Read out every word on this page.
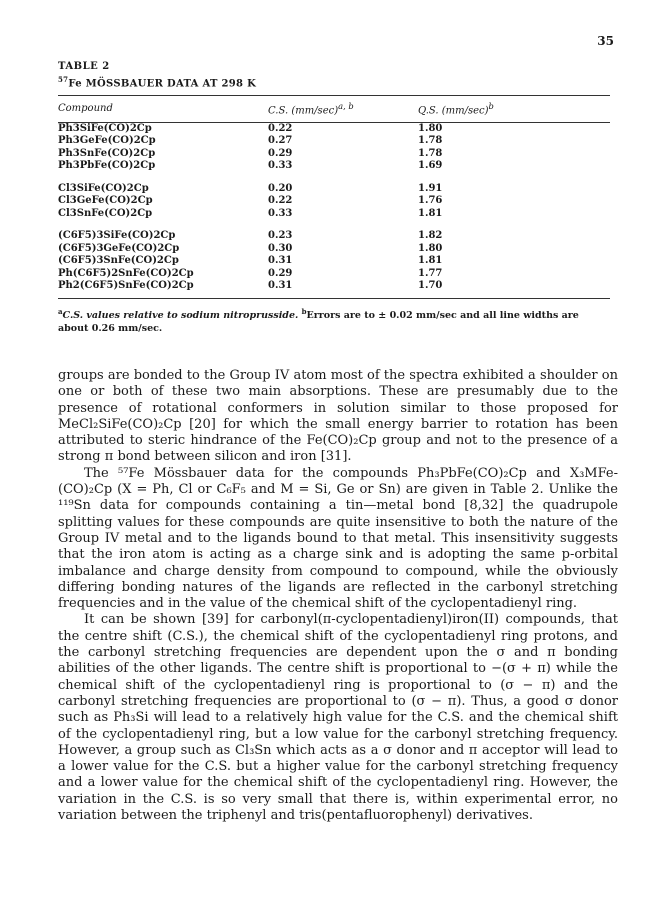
35
TABLE 2
$^{57}$Fe MÖSSBAUER DATA AT 298 K
Compound	C.S. $(mm/\sec)^{a, b}$	Q.S. $(mm/\sec)^b$
Ph3SiFe(CO)2Cp	0.22	1.80
Ph3GeFe(CO)2Cp	0.27	1.78
Ph3SnFe(CO)2Cp	0.29	1.78
Ph3PbFe(CO)2Cp	0.33	1.69

Cl3SiFe(CO)2Cp	0.20	1.91
Cl3GeFe(CO)2Cp	0.22	1.76
Cl3SnFe(CO)2Cp	0.33	1.81

(C6F5)3SiFe(CO)2Cp	0.23	1.82
(C6F5)3GeFe(CO)2Cp	0.30	1.80
(C6F5)3SnFe(CO)2Cp	0.31	1.81
Ph(C6F5)2SnFe(CO)2Cp	0.29	1.77
Ph2(C6F5)SnFe(CO)2Cp	0.31	1.70
$^a$C.S. values relative to sodium nitroprusside. $^b$Errors are to ± 0.02 mm/sec and all line widths are about 0.26 mm/sec.

groups are bonded to the Group IV atom most of the spectra exhibited a shoulder on one or both of these two main absorptions. These are presumably due to the presence of rotational conformers in solution similar to those proposed for MeCl₂SiFe(CO)₂Cp [20] for which the small energy barrier to rotation has been attributed to steric hindrance of the Fe(CO)₂Cp group and not to the presence of a strong π bond between silicon and iron [31].

The ⁵⁷Fe Mössbauer data for the compounds Ph₃PbFe(CO)₂Cp and X₃MFe-(CO)₂Cp (X = Ph, Cl or C₆F₅ and M = Si, Ge or Sn) are given in Table 2. Unlike the ¹¹⁹Sn data for compounds containing a tin—metal bond [8,32] the quadrupole splitting values for these compounds are quite insensitive to both the nature of the Group IV metal and to the ligands bound to that metal. This insensitivity suggests that the iron atom is acting as a charge sink and is adopting the same p-orbital imbalance and charge density from compound to compound, while the obviously differing bonding natures of the ligands are reflected in the carbonyl stretching frequencies and in the value of the chemical shift of the cyclopentadienyl ring.

It can be shown [39] for carbonyl(π-cyclopentadienyl)iron(II) compounds, that the centre shift (C.S.), the chemical shift of the cyclopentadienyl ring protons, and the carbonyl stretching frequencies are dependent upon the σ and π bonding abilities of the other ligands. The centre shift is proportional to −(σ + π) while the chemical shift of the cyclopentadienyl ring is proportional to (σ − π) and the carbonyl stretching frequencies are proportional to (σ − π). Thus, a good σ donor such as Ph₃Si will lead to a relatively high value for the C.S. and the chemical shift of the cyclopentadienyl ring, but a low value for the carbonyl stretching frequency. However, a group such as Cl₃Sn which acts as a σ donor and π acceptor will lead to a lower value for the C.S. but a higher value for the carbonyl stretching frequency and a lower value for the chemical shift of the cyclopentadienyl ring. However, the variation in the C.S. is so very small that there is, within experimental error, no variation between the triphenyl and tris(pentafluorophenyl) derivatives.
